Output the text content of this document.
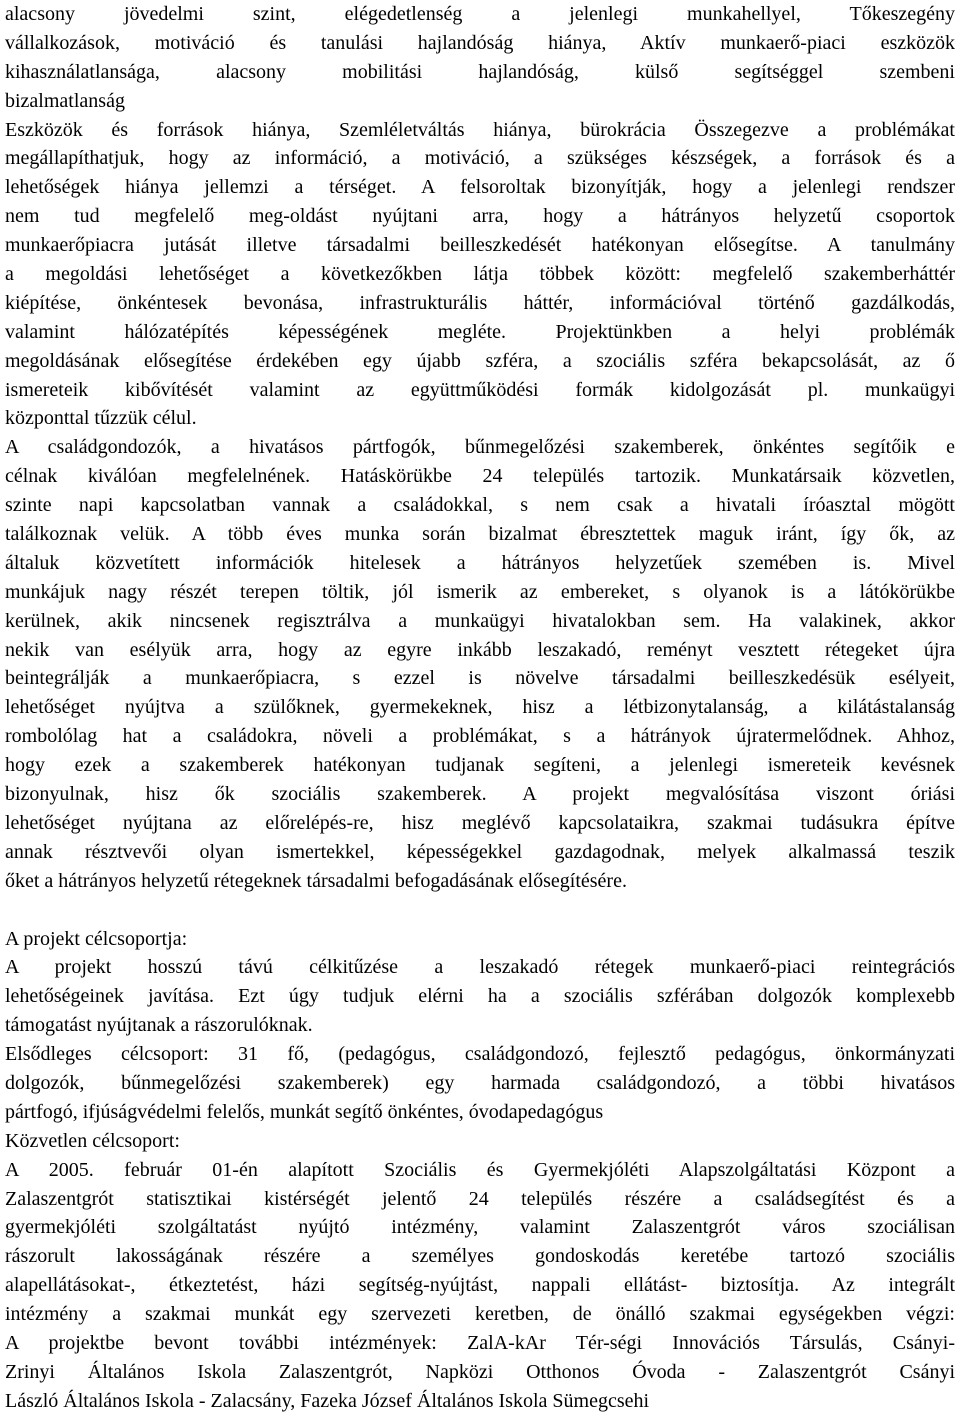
alacsony jövedelmi szint, elégedetlenség a jelenlegi munkahellyel, Tőkeszegény
vállalkozások, motiváció és tanulási hajlandóság hiánya, Aktív munkaerő-piaci eszközök
kihasználatlansága, alacsony mobilitási hajlandóság, külső segítséggel szembeni
bizalmatlanság
Eszközök és források hiánya, Szemléletváltás hiánya, bürokrácia Összegezve a problémákat
megállapíthatjuk, hogy az információ, a motiváció, a szükséges készségek, a források és a
lehetőségek hiánya jellemzi a térséget. A felsoroltak bizonyítják, hogy a jelenlegi rendszer
nem tud megfelelő meg-oldást nyújtani arra, hogy a hátrányos helyzetű csoportok
munkaerőpiacra jutását illetve társadalmi beilleszkedését hatékonyan elősegítse. A tanulmány
a megoldási lehetőséget a következőkben látja többek között: megfelelő szakemberháttér
kiépítése, önkéntesek bevonása, infrastrukturális háttér, információval történő gazdálkodás,
valamint hálózatépítés képességének megléte. Projektünkben a helyi problémák
megoldásának elősegítése érdekében egy újabb szféra, a szociális szféra bekapcsolását, az ő
ismereteik kibővítését valamint az együttműködési formák kidolgozását pl. munkaügyi
központtal tűzzük célul.
A családgondozók, a hivatásos pártfogók, bűnmegelőzési szakemberek, önkéntes segítőik e
célnak kiválóan megfelelnének. Hatáskörükbe 24 település tartozik. Munkatársaik közvetlen,
szinte napi kapcsolatban vannak a családokkal, s nem csak a hivatali íróasztal mögött
találkoznak velük. A több éves munka során bizalmat ébresztettek maguk iránt, így ők, az
általuk közvetített információk hitelesek a hátrányos helyzetűek szemében is. Mivel
munkájuk nagy részét terepen töltik, jól ismerik az embereket, s olyanok is a látókörükbe
kerülnek, akik nincsenek regisztrálva a munkaügyi hivatalokban sem. Ha valakinek, akkor
nekik van esélyük arra, hogy az egyre inkább leszakadó, reményt vesztett rétegeket újra
beintegrálják a munkaerőpiacra, s ezzel is növelve társadalmi beilleszkedésük esélyeit,
lehetőséget nyújtva a szülőknek, gyermekeknek, hisz a létbizonytalanság, a kilátástalanság
rombolólag hat a családokra, növeli a problémákat, s a hátrányok újratermelődnek. Ahhoz,
hogy ezek a szakemberek hatékonyan tudjanak segíteni, a jelenlegi ismereteik kevésnek
bizonyulnak, hisz ők szociális szakemberek. A projekt megvalósítása viszont óriási
lehetőséget nyújtana az előrelépés-re, hisz meglévő kapcsolataikra, szakmai tudásukra építve
annak résztvevői olyan ismertekkel, képességekkel gazdagodnak, melyek alkalmassá teszik
őket a hátrányos helyzetű rétegeknek társadalmi befogadásának elősegítésére.
A projekt célcsoportja:
A projekt hosszú távú célkitűzése a leszakadó rétegek munkaerő-piaci reintegrációs
lehetőségeinek javítása. Ezt úgy tudjuk elérni ha a szociális szférában dolgozók komplexebb
támogatást nyújtanak a rászorulóknak.
Elsődleges célcsoport: 31 fő, (pedagógus, családgondozó, fejlesztő pedagógus, önkormányzati
dolgozók, bűnmegelőzési szakemberek) egy harmada családgondozó, a többi hivatásos
pártfogó, ifjúságvédelmi felelős, munkát segítő önkéntes, óvodapedagógus
Közvetlen célcsoport:
A 2005. február 01-én alapított Szociális és Gyermekjóléti Alapszolgáltatási Központ a
Zalaszentgrót statisztikai kistérségét jelentő 24 település részére a családsegítést és a
gyermekjóléti szolgáltatást nyújtó intézmény, valamint Zalaszentgrót város szociálisan
rászorult lakosságának részére a személyes gondoskodás keretébe tartozó szociális
alapellátásokat-, étkeztetést, házi segítség-nyújtást, nappali ellátást- biztosítja. Az integrált
intézmény a szakmai munkát egy szervezeti keretben, de önálló szakmai egységekben végzi:
A projektbe bevont további intézmények: ZalA-kAr Tér-ségi Innovációs Társulás, Csányi-
Zrinyi Általános Iskola Zalaszentgrót, Napközi Otthonos Óvoda - Zalaszentgrót Csányi
László Általános Iskola - Zalacsány, Fazeka József Általános Iskola Sümegcsehi
